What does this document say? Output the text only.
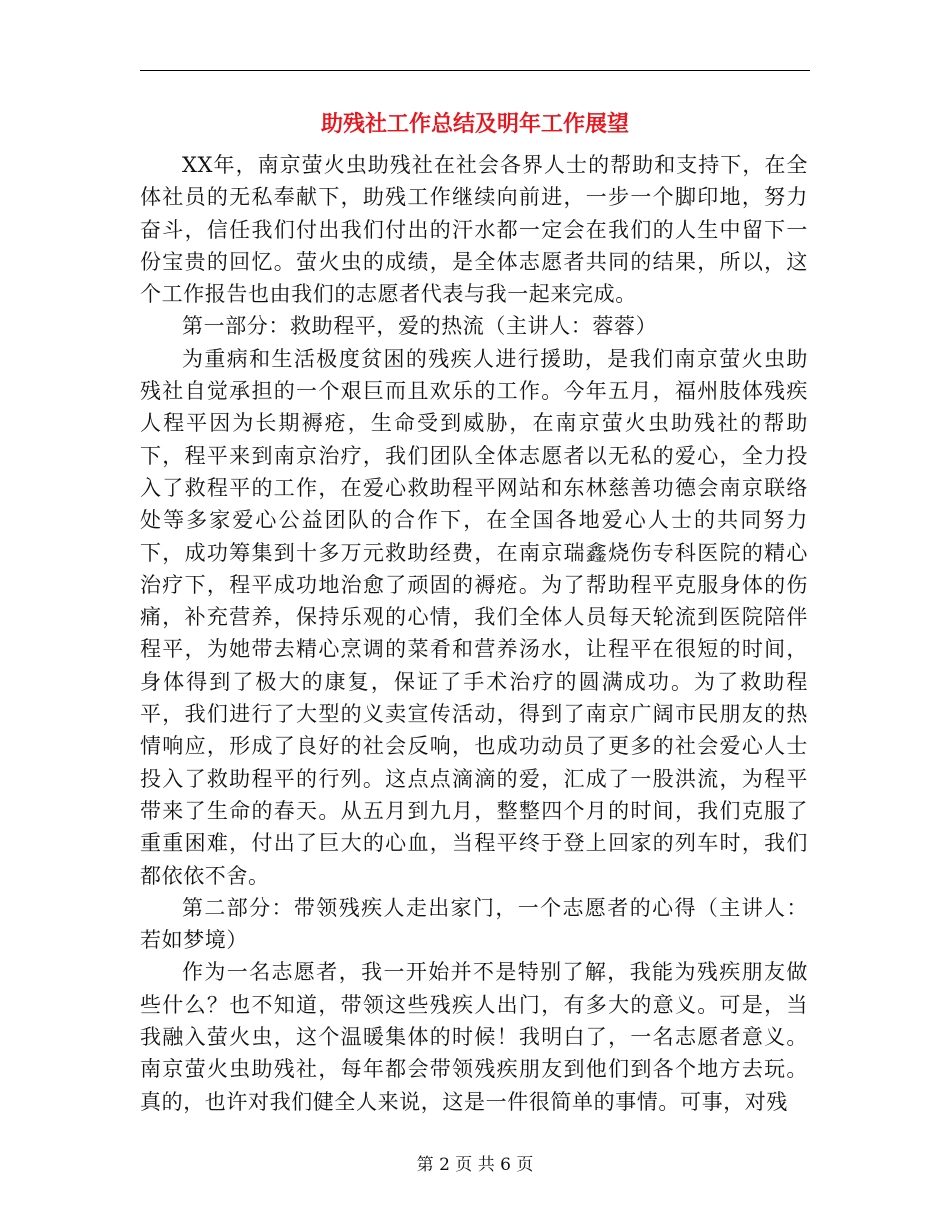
助残社工作总结及明年工作展望

XX年，南京萤火虫助残社在社会各界人士的帮助和支持下，在全体社员的无私奉献下，助残工作继续向前进，一步一个脚印地，努力奋斗，信任我们付出我们付出的汗水都一定会在我们的人生中留下一份宝贵的回忆。萤火虫的成绩，是全体志愿者共同的结果，所以，这个工作报告也由我们的志愿者代表与我一起来完成。

第一部分：救助程平，爱的热流（主讲人：蓉蓉）

为重病和生活极度贫困的残疾人进行援助，是我们南京萤火虫助残社自觉承担的一个艰巨而且欢乐的工作。今年五月，福州肢体残疾人程平因为长期褥疮，生命受到威胁，在南京萤火虫助残社的帮助下，程平来到南京治疗，我们团队全体志愿者以无私的爱心，全力投入了救程平的工作，在爱心救助程平网站和东林慈善功德会南京联络处等多家爱心公益团队的合作下，在全国各地爱心人士的共同努力下，成功筹集到十多万元救助经费，在南京瑞鑫烧伤专科医院的精心治疗下，程平成功地治愈了顽固的褥疮。为了帮助程平克服身体的伤痛，补充营养，保持乐观的心情，我们全体人员每天轮流到医院陪伴程平，为她带去精心烹调的菜肴和营养汤水，让程平在很短的时间，身体得到了极大的康复，保证了手术治疗的圆满成功。为了救助程平，我们进行了大型的义卖宣传活动，得到了南京广阔市民朋友的热情响应，形成了良好的社会反响，也成功动员了更多的社会爱心人士投入了救助程平的行列。这点点滴滴的爱，汇成了一股洪流，为程平带来了生命的春天。从五月到九月，整整四个月的时间，我们克服了重重困难，付出了巨大的心血，当程平终于登上回家的列车时，我们都依依不舍。

第二部分：带领残疾人走出家门，一个志愿者的心得（主讲人：若如梦境）

作为一名志愿者，我一开始并不是特别了解，我能为残疾朋友做些什么？也不知道，带领这些残疾人出门，有多大的意义。可是，当我融入萤火虫，这个温暖集体的时候！我明白了，一名志愿者意义。南京萤火虫助残社，每年都会带领残疾朋友到他们到各个地方去玩。真的，也许对我们健全人来说，这是一件很简单的事情。可事，对残

第 2 页 共 6 页
